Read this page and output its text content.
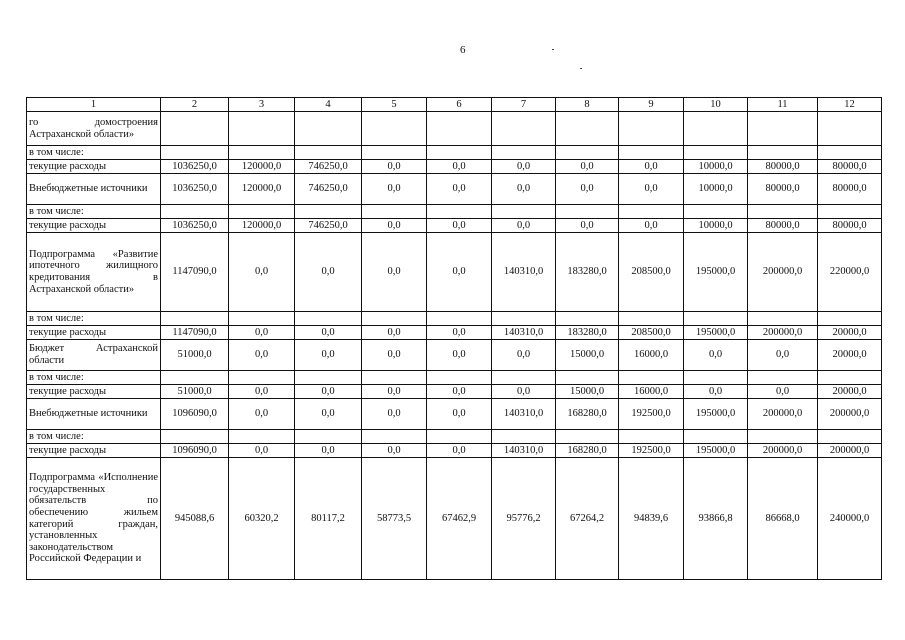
6
1	2	3	4	5	6	7	8	9	10	11	12
го домостроения Астраханской области»											
в том числе:											
текущие расходы	1036250,0	120000,0	746250,0	0,0	0,0	0,0	0,0	0,0	10000,0	80000,0	80000,0
Внебюджетные источники	1036250,0	120000,0	746250,0	0,0	0,0	0,0	0,0	0,0	10000,0	80000,0	80000,0
в том числе:											
текущие расходы	1036250,0	120000,0	746250,0	0,0	0,0	0,0	0,0	0,0	10000,0	80000,0	80000,0
Подпрограмма «Развитие ипотечного жилищного кредитования в Астраханской области»	1147090,0	0,0	0,0	0,0	0,0	140310,0	183280,0	208500,0	195000,0	200000,0	220000,0
в том числе:											
текущие расходы	1147090,0	0,0	0,0	0,0	0,0	140310,0	183280,0	208500,0	195000,0	200000,0	20000,0
Бюджет Астраханской области	51000,0	0,0	0,0	0,0	0,0	0,0	15000,0	16000,0	0,0	0,0	20000,0
в том числе:											
текущие расходы	51000,0	0,0	0,0	0,0	0,0	0,0	15000,0	16000,0	0,0	0,0	20000,0
Внебюджетные источники	1096090,0	0,0	0,0	0,0	0,0	140310,0	168280,0	192500,0	195000,0	200000,0	200000,0
в том числе:											
текущие расходы	1096090,0	0,0	0,0	0,0	0,0	140310,0	168280,0	192500,0	195000,0	200000,0	200000,0
Подпрограмма «Исполнение государственных обязательств по обеспечению жильем категорий граждан, установленных законодательством Российской Федерации и	945088,6	60320,2	80117,2	58773,5	67462,9	95776,2	67264,2	94839,6	93866,8	86668,0	240000,0
